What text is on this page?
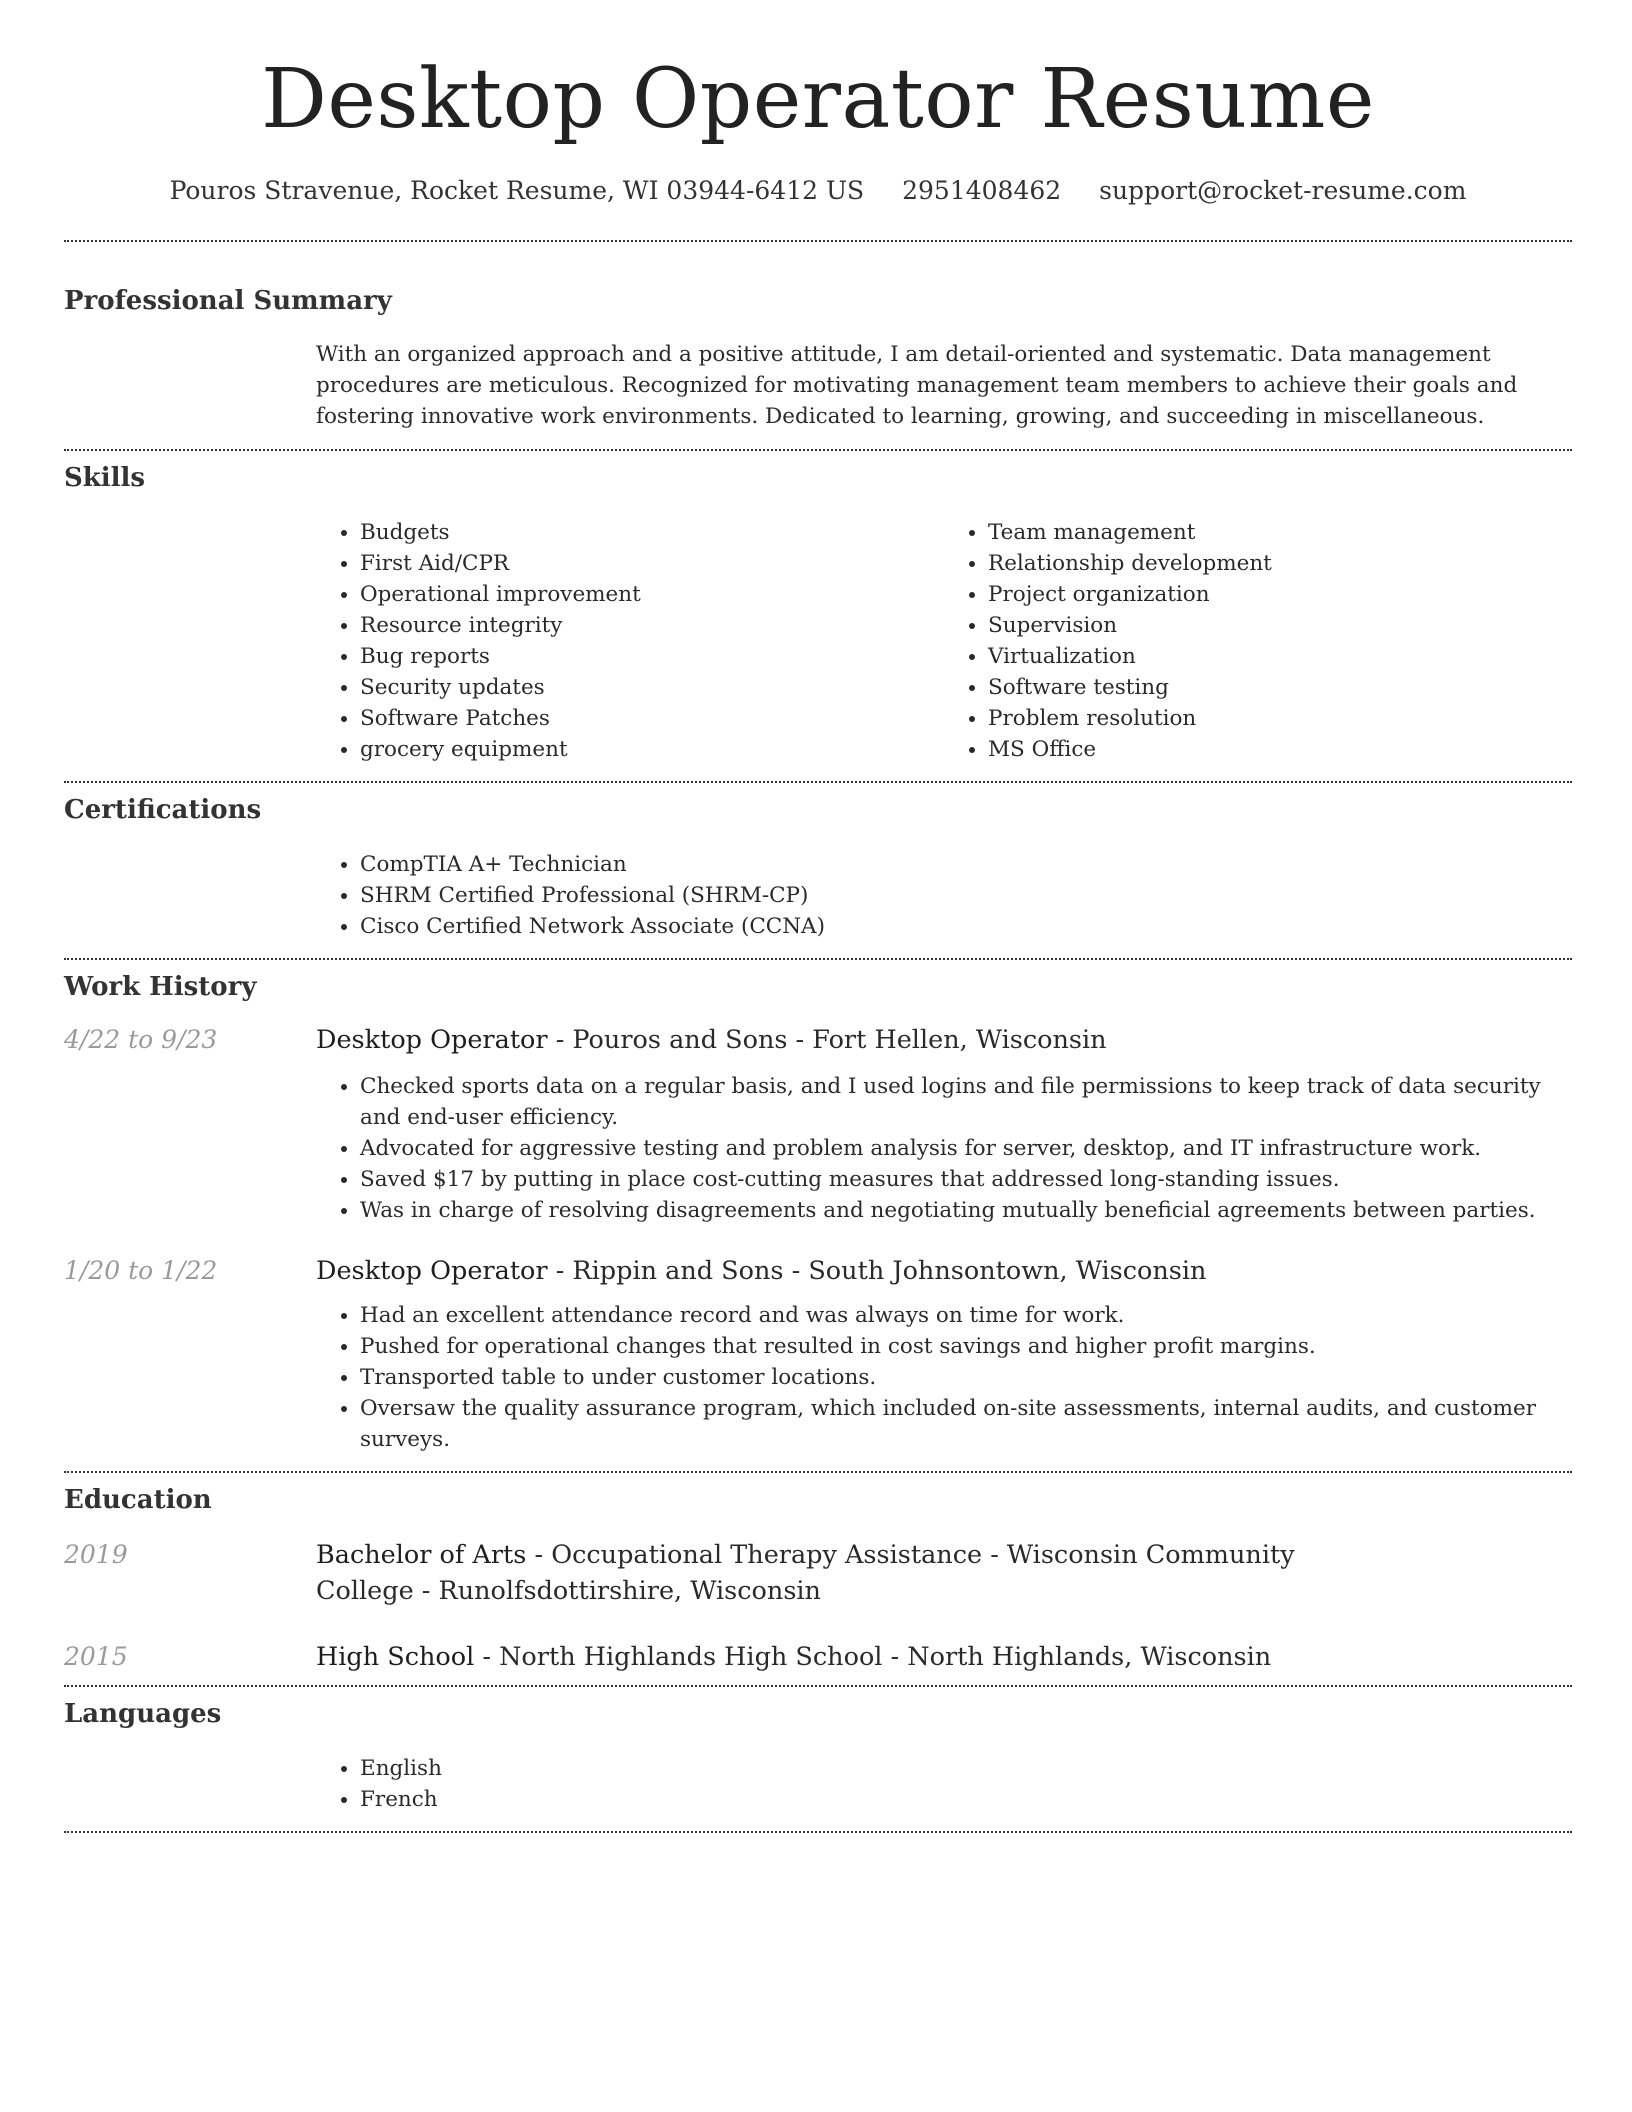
Desktop Operator Resume
Pouros Stravenue, Rocket Resume, WI 03944-6412 US 2951408462 support@rocket-resume.com
Professional Summary

With an organized approach and a positive attitude, I am detail-oriented and systematic. Data management procedures are meticulous. Recognized for motivating management team members to achieve their goals and fostering innovative work environments. Dedicated to learning, growing, and succeeding in miscellaneous.

Skills
• Budgets
• First Aid/CPR
• Operational improvement
• Resource integrity
• Bug reports
• Security updates
• Software Patches
• grocery equipment
• Team management
• Relationship development
• Project organization
• Supervision
• Virtualization
• Software testing
• Problem resolution
• MS Office
Certifications
• CompTIA A+ Technician
• SHRM Certified Professional (SHRM-CP)
• Cisco Certified Network Associate (CCNA)
Work History
4/22 to 9/23	Desktop Operator - Pouros and Sons - Fort Hellen, Wisconsin
• Checked sports data on a regular basis, and I used logins and file permissions to keep track of data security and end-user efficiency.
• Advocated for aggressive testing and problem analysis for server, desktop, and IT infrastructure work.
• Saved $17 by putting in place cost-cutting measures that addressed long-standing issues.
• Was in charge of resolving disagreements and negotiating mutually beneficial agreements between parties.
1/20 to 1/22	Desktop Operator - Rippin and Sons - South Johnsontown, Wisconsin
• Had an excellent attendance record and was always on time for work.
• Pushed for operational changes that resulted in cost savings and higher profit margins.
• Transported table to under customer locations.
• Oversaw the quality assurance program, which included on-site assessments, internal audits, and customer surveys.
Education
2019	Bachelor of Arts - Occupational Therapy Assistance - Wisconsin Community College - Runolfsdottirshire, Wisconsin
2015	High School - North Highlands High School - North Highlands, Wisconsin
Languages
• English
• French
